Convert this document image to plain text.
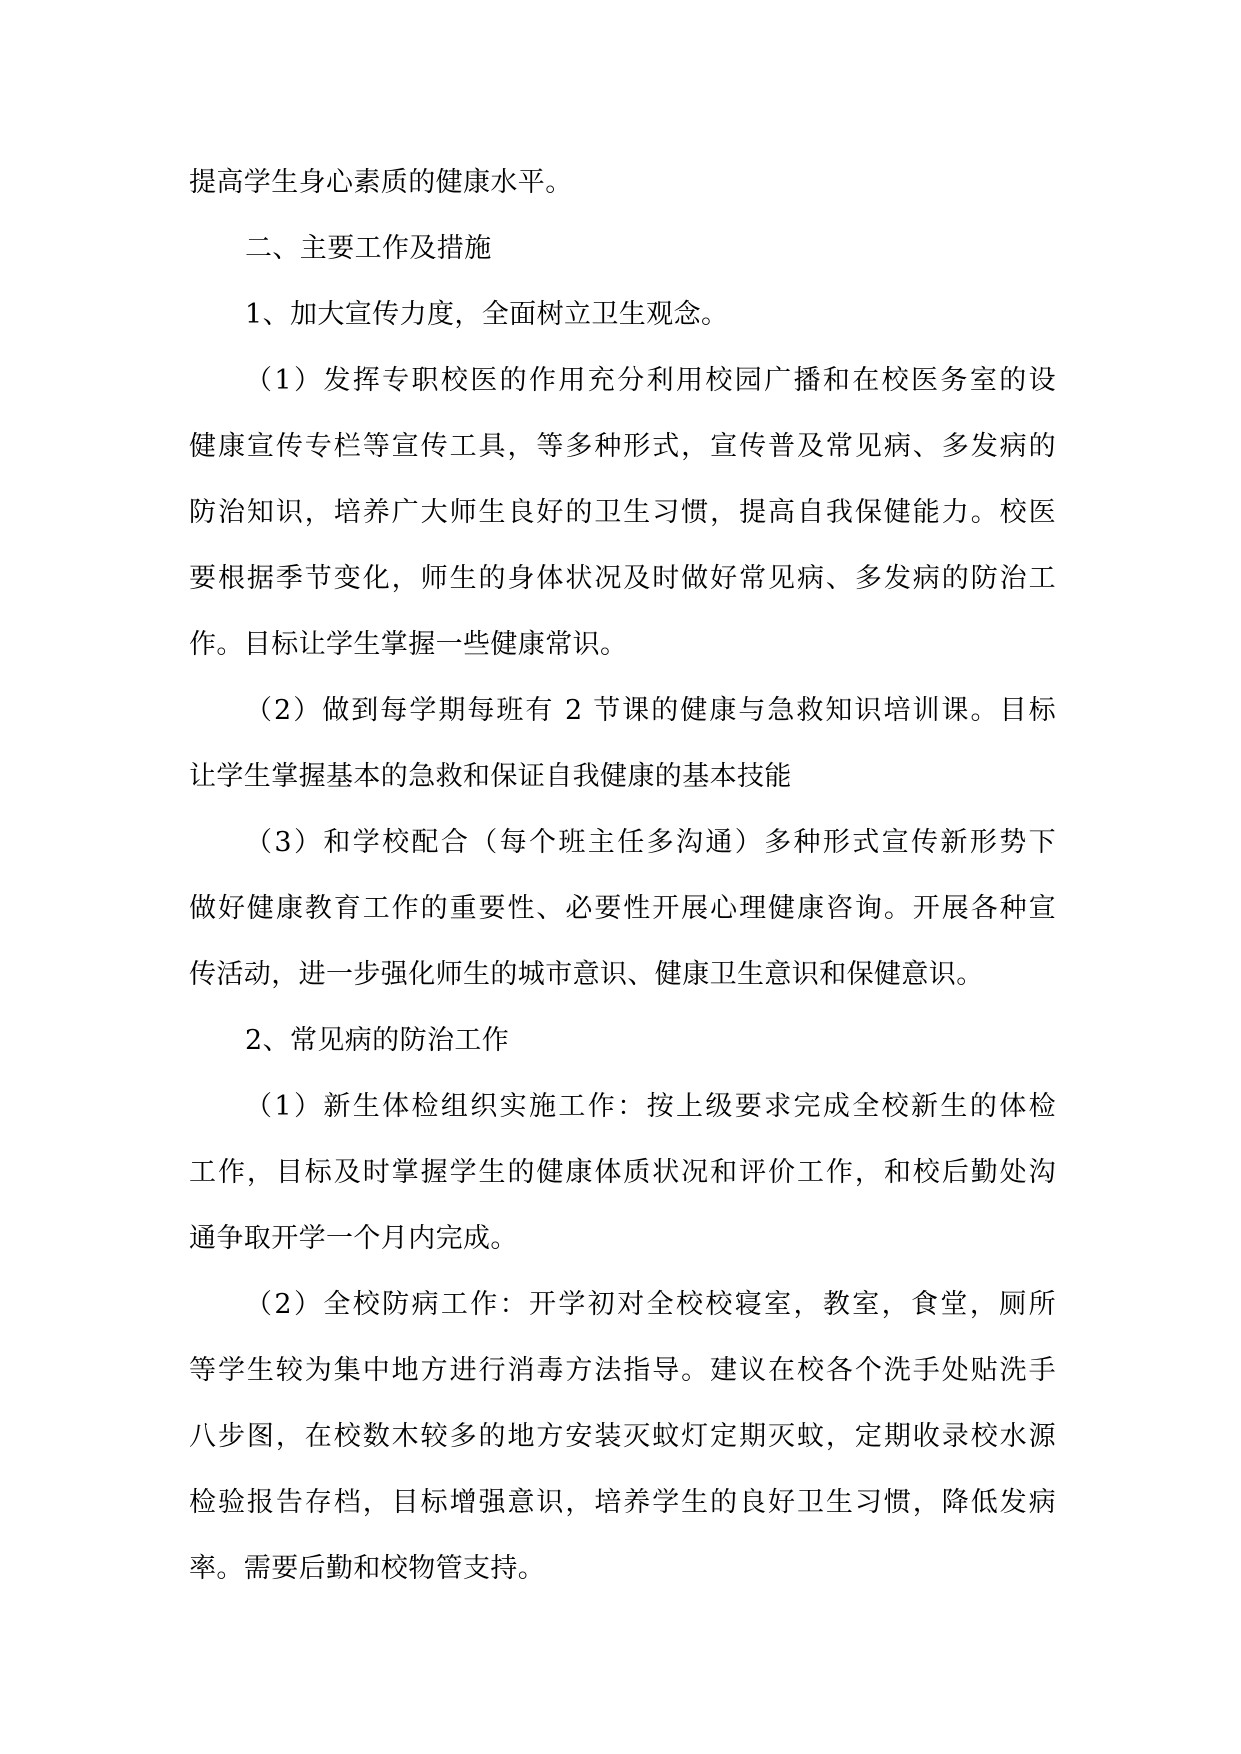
提高学生身心素质的健康水平。
二、主要工作及措施
1、加大宣传力度，全面树立卫生观念。
（1）发挥专职校医的作用充分利用校园广播和在校医务室的设
健康宣传专栏等宣传工具，等多种形式，宣传普及常见病、多发病的
防治知识，培养广大师生良好的卫生习惯，提高自我保健能力。校医
要根据季节变化，师生的身体状况及时做好常见病、多发病的防治工
作。目标让学生掌握一些健康常识。
（2）做到每学期每班有 2 节课的健康与急救知识培训课。目标
让学生掌握基本的急救和保证自我健康的基本技能
（3）和学校配合（每个班主任多沟通）多种形式宣传新形势下
做好健康教育工作的重要性、必要性开展心理健康咨询。开展各种宣
传活动，进一步强化师生的城市意识、健康卫生意识和保健意识。
2、常见病的防治工作
（1）新生体检组织实施工作：按上级要求完成全校新生的体检
工作，目标及时掌握学生的健康体质状况和评价工作，和校后勤处沟
通争取开学一个月内完成。
（2）全校防病工作：开学初对全校校寝室，教室，食堂，厕所
等学生较为集中地方进行消毒方法指导。建议在校各个洗手处贴洗手
八步图，在校数木较多的地方安装灭蚊灯定期灭蚊，定期收录校水源
检验报告存档，目标增强意识，培养学生的良好卫生习惯，降低发病
率。需要后勤和校物管支持。
